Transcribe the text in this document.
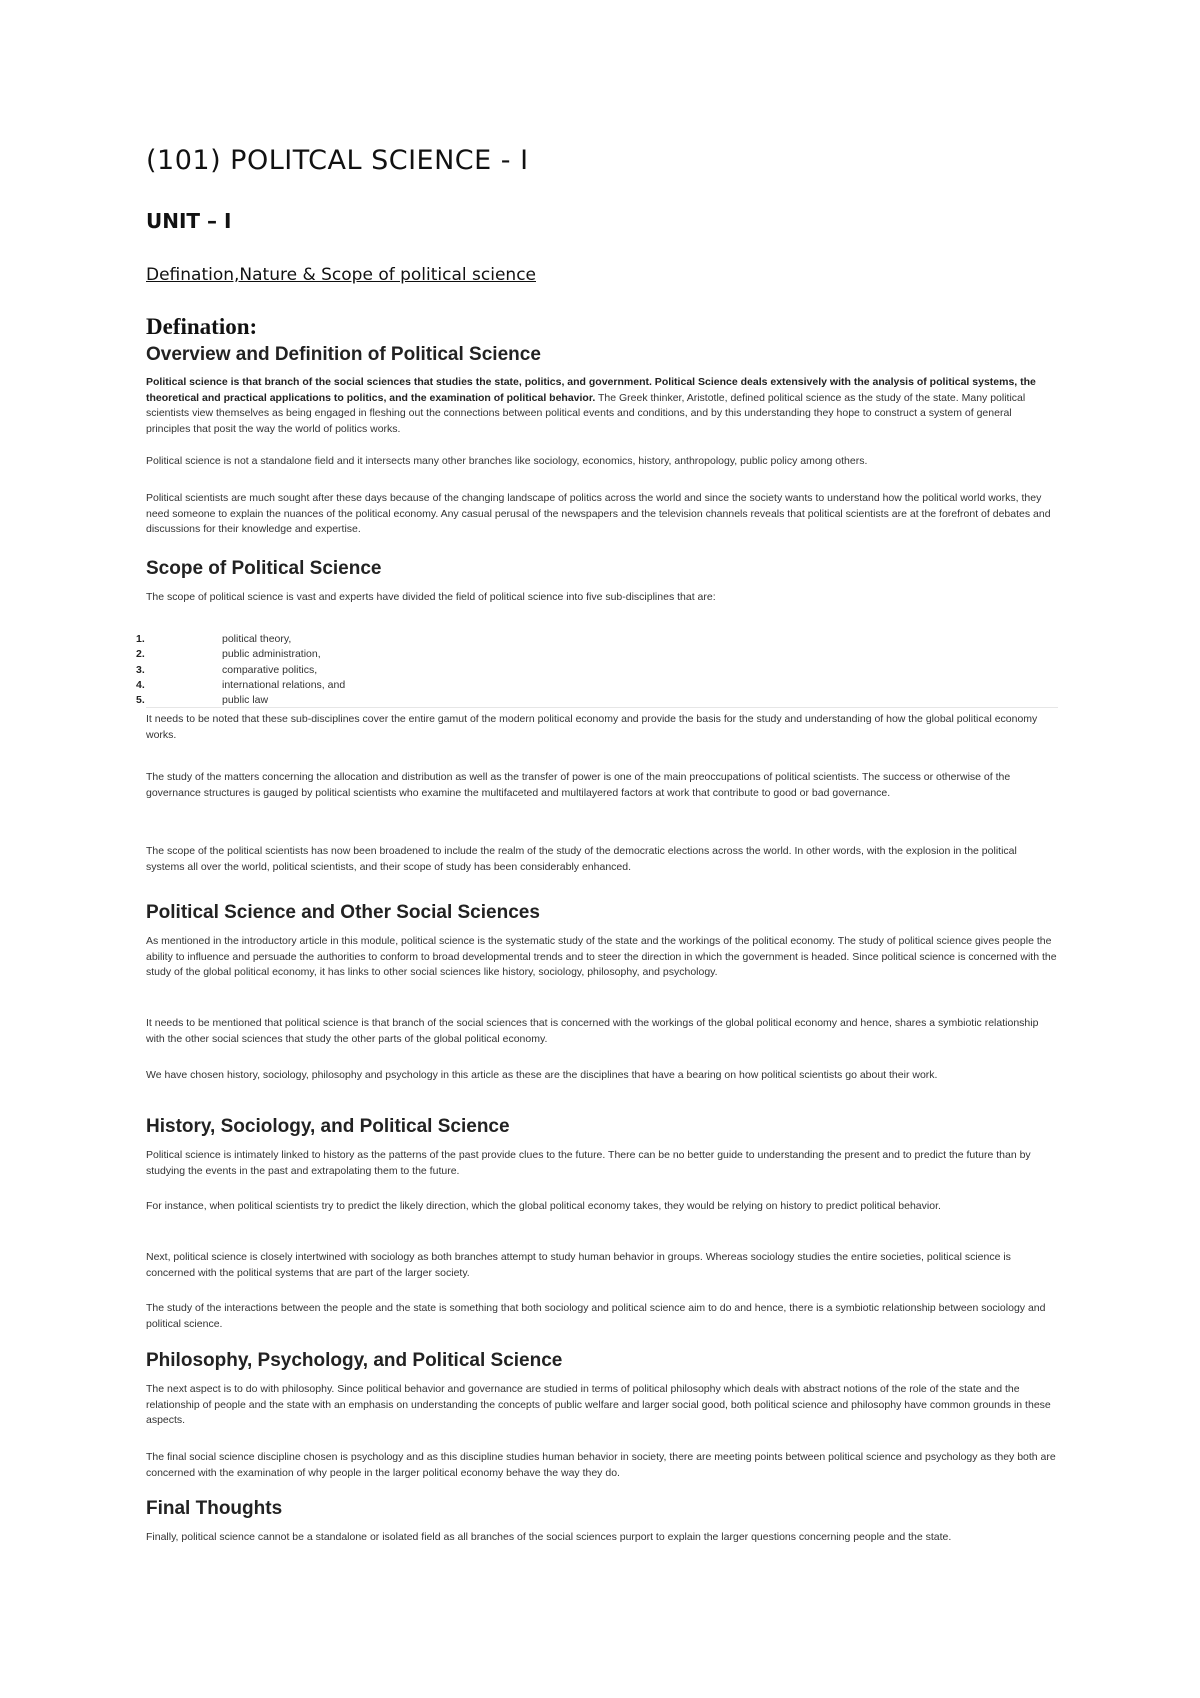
(101) POLITCAL SCIENCE - I
UNIT – I
Defination,Nature & Scope of political science
Defination:
Overview and Definition of Political Science

Political science is that branch of the social sciences that studies the state, politics, and government. Political Science deals extensively with the analysis of political systems, the theoretical and practical applications to politics, and the examination of political behavior. The Greek thinker, Aristotle, defined political science as the study of the state. Many political scientists view themselves as being engaged in fleshing out the connections between political events and conditions, and by this understanding they hope to construct a system of general principles that posit the way the world of politics works.

Political science is not a standalone field and it intersects many other branches like sociology, economics, history, anthropology, public policy among others.

Political scientists are much sought after these days because of the changing landscape of politics across the world and since the society wants to understand how the political world works, they need someone to explain the nuances of the political economy. Any casual perusal of the newspapers and the television channels reveals that political scientists are at the forefront of debates and discussions for their knowledge and expertise.

Scope of Political Science

The scope of political science is vast and experts have divided the field of political science into five sub-disciplines that are:

1.	political theory,
2.	public administration,
3.	comparative politics,
4.	international relations, and
5.	public law

It needs to be noted that these sub-disciplines cover the entire gamut of the modern political economy and provide the basis for the study and understanding of how the global political economy works.

The study of the matters concerning the allocation and distribution as well as the transfer of power is one of the main preoccupations of political scientists. The success or otherwise of the governance structures is gauged by political scientists who examine the multifaceted and multilayered factors at work that contribute to good or bad governance.

The scope of the political scientists has now been broadened to include the realm of the study of the democratic elections across the world. In other words, with the explosion in the political systems all over the world, political scientists, and their scope of study has been considerably enhanced.

Political Science and Other Social Sciences

As mentioned in the introductory article in this module, political science is the systematic study of the state and the workings of the political economy. The study of political science gives people the ability to influence and persuade the authorities to conform to broad developmental trends and to steer the direction in which the government is headed. Since political science is concerned with the study of the global political economy, it has links to other social sciences like history, sociology, philosophy, and psychology.

It needs to be mentioned that political science is that branch of the social sciences that is concerned with the workings of the global political economy and hence, shares a symbiotic relationship with the other social sciences that study the other parts of the global political economy.

We have chosen history, sociology, philosophy and psychology in this article as these are the disciplines that have a bearing on how political scientists go about their work.

History, Sociology, and Political Science

Political science is intimately linked to history as the patterns of the past provide clues to the future. There can be no better guide to understanding the present and to predict the future than by studying the events in the past and extrapolating them to the future.

For instance, when political scientists try to predict the likely direction, which the global political economy takes, they would be relying on history to predict political behavior.

Next, political science is closely intertwined with sociology as both branches attempt to study human behavior in groups. Whereas sociology studies the entire societies, political science is concerned with the political systems that are part of the larger society.

The study of the interactions between the people and the state is something that both sociology and political science aim to do and hence, there is a symbiotic relationship between sociology and political science.

Philosophy, Psychology, and Political Science

The next aspect is to do with philosophy. Since political behavior and governance are studied in terms of political philosophy which deals with abstract notions of the role of the state and the relationship of people and the state with an emphasis on understanding the concepts of public welfare and larger social good, both political science and philosophy have common grounds in these aspects.

The final social science discipline chosen is psychology and as this discipline studies human behavior in society, there are meeting points between political science and psychology as they both are concerned with the examination of why people in the larger political economy behave the way they do.

Final Thoughts

Finally, political science cannot be a standalone or isolated field as all branches of the social sciences purport to explain the larger questions concerning people and the state.
